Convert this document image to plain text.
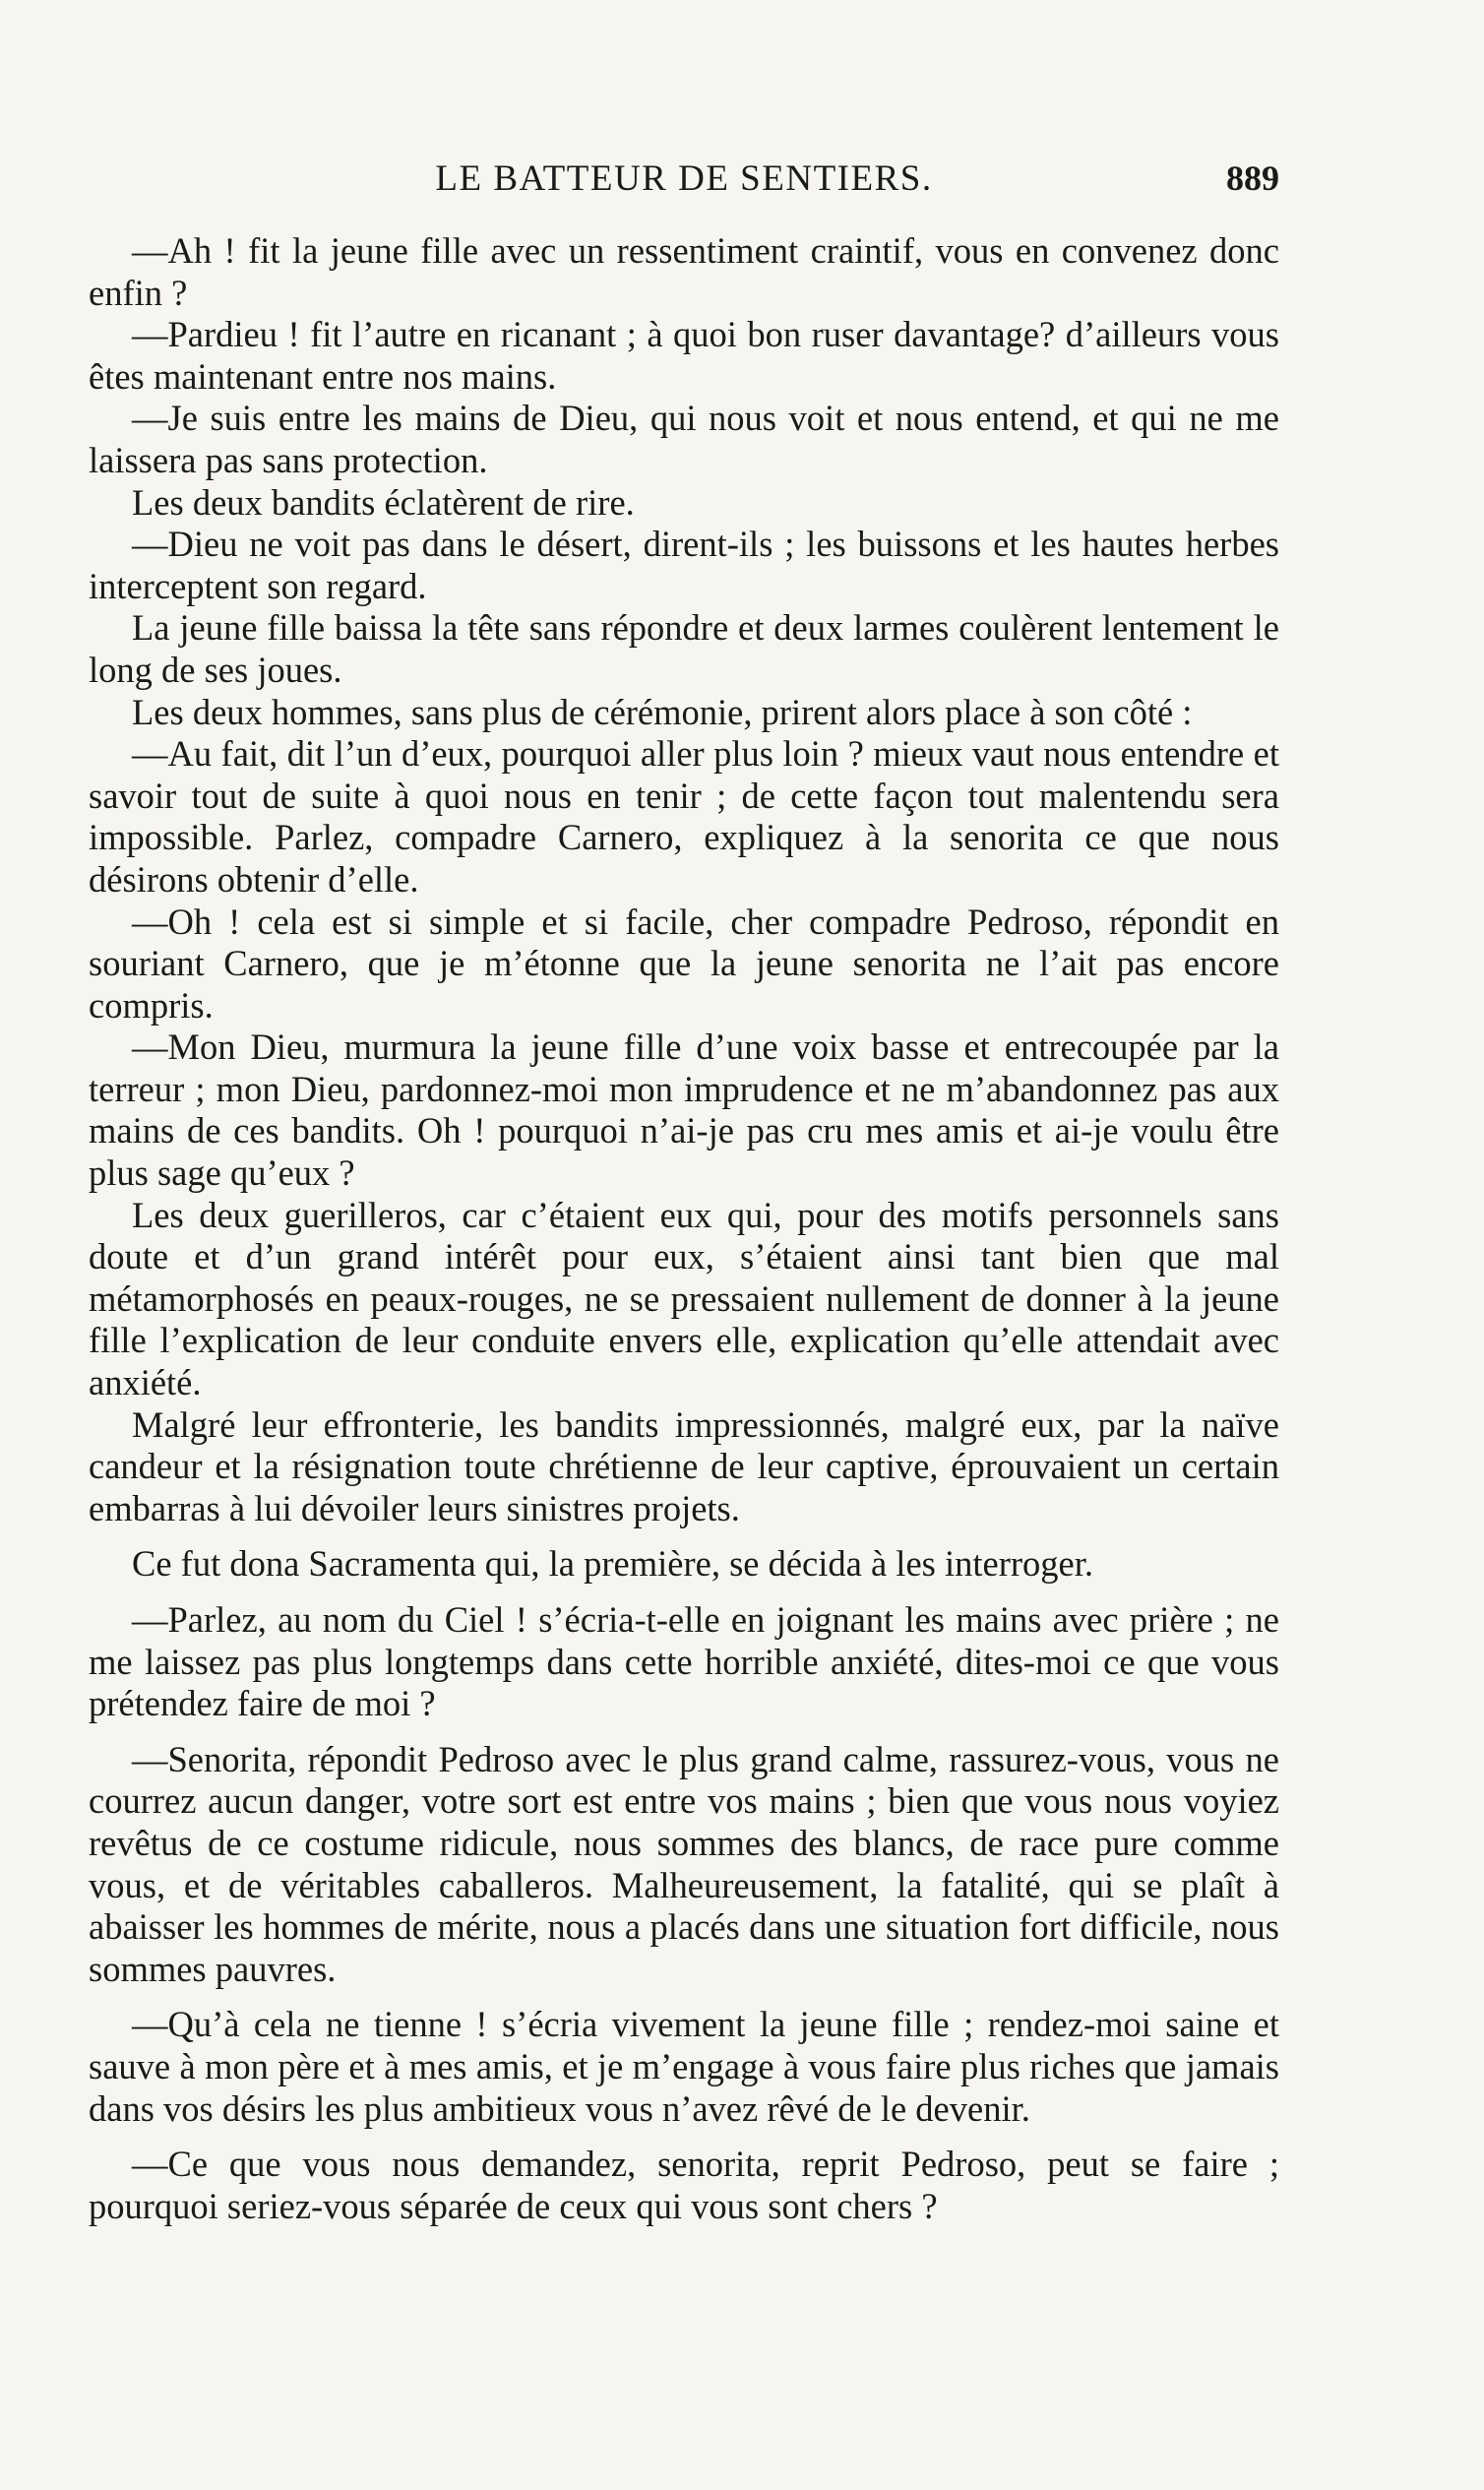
LE BATTEUR DE SENTIERS.	889

—Ah ! fit la jeune fille avec un ressentiment craintif, vous en convenez donc enfin ?

—Pardieu ! fit l’autre en ricanant ; à quoi bon ruser davantage? d’ailleurs vous êtes maintenant entre nos mains.

—Je suis entre les mains de Dieu, qui nous voit et nous entend, et qui ne me laissera pas sans protection.

Les deux bandits éclatèrent de rire.

—Dieu ne voit pas dans le désert, dirent-ils ; les buissons et les hautes herbes interceptent son regard.

La jeune fille baissa la tête sans répondre et deux larmes coulèrent lentement le long de ses joues.

Les deux hommes, sans plus de cérémonie, prirent alors place à son côté :

—Au fait, dit l’un d’eux, pourquoi aller plus loin ? mieux vaut nous entendre et savoir tout de suite à quoi nous en tenir ; de cette façon tout malentendu sera impossible. Parlez, compadre Carnero, expliquez à la senorita ce que nous désirons obtenir d’elle.

—Oh ! cela est si simple et si facile, cher compadre Pedroso, répondit en souriant Carnero, que je m’étonne que la jeune senorita ne l’ait pas encore compris.

—Mon Dieu, murmura la jeune fille d’une voix basse et entrecoupée par la terreur ; mon Dieu, pardonnez-moi mon imprudence et ne m’abandonnez pas aux mains de ces bandits. Oh ! pourquoi n’ai-je pas cru mes amis et ai-je voulu être plus sage qu’eux ?

Les deux guerilleros, car c’étaient eux qui, pour des motifs personnels sans doute et d’un grand intérêt pour eux, s’étaient ainsi tant bien que mal métamorphosés en peaux-rouges, ne se pressaient nullement de donner à la jeune fille l’explication de leur conduite envers elle, explication qu’elle attendait avec anxiété.

Malgré leur effronterie, les bandits impressionnés, malgré eux, par la naïve candeur et la résignation toute chrétienne de leur captive, éprouvaient un certain embarras à lui dévoiler leurs sinistres projets.

Ce fut dona Sacramenta qui, la première, se décida à les interroger.

—Parlez, au nom du Ciel ! s’écria-t-elle en joignant les mains avec prière ; ne me laissez pas plus longtemps dans cette horrible anxiété, dites-moi ce que vous prétendez faire de moi ?

—Senorita, répondit Pedroso avec le plus grand calme, rassurez-vous, vous ne courrez aucun danger, votre sort est entre vos mains ; bien que vous nous voyiez revêtus de ce costume ridicule, nous sommes des blancs, de race pure comme vous, et de véritables caballeros. Malheureusement, la fatalité, qui se plaît à abaisser les hommes de mérite, nous a placés dans une situation fort difficile, nous sommes pauvres.

—Qu’à cela ne tienne ! s’écria vivement la jeune fille ; rendez-moi saine et sauve à mon père et à mes amis, et je m’engage à vous faire plus riches que jamais dans vos désirs les plus ambitieux vous n’avez rêvé de le devenir.

—Ce que vous nous demandez, senorita, reprit Pedroso, peut se faire ; pourquoi seriez-vous séparée de ceux qui vous sont chers ?
